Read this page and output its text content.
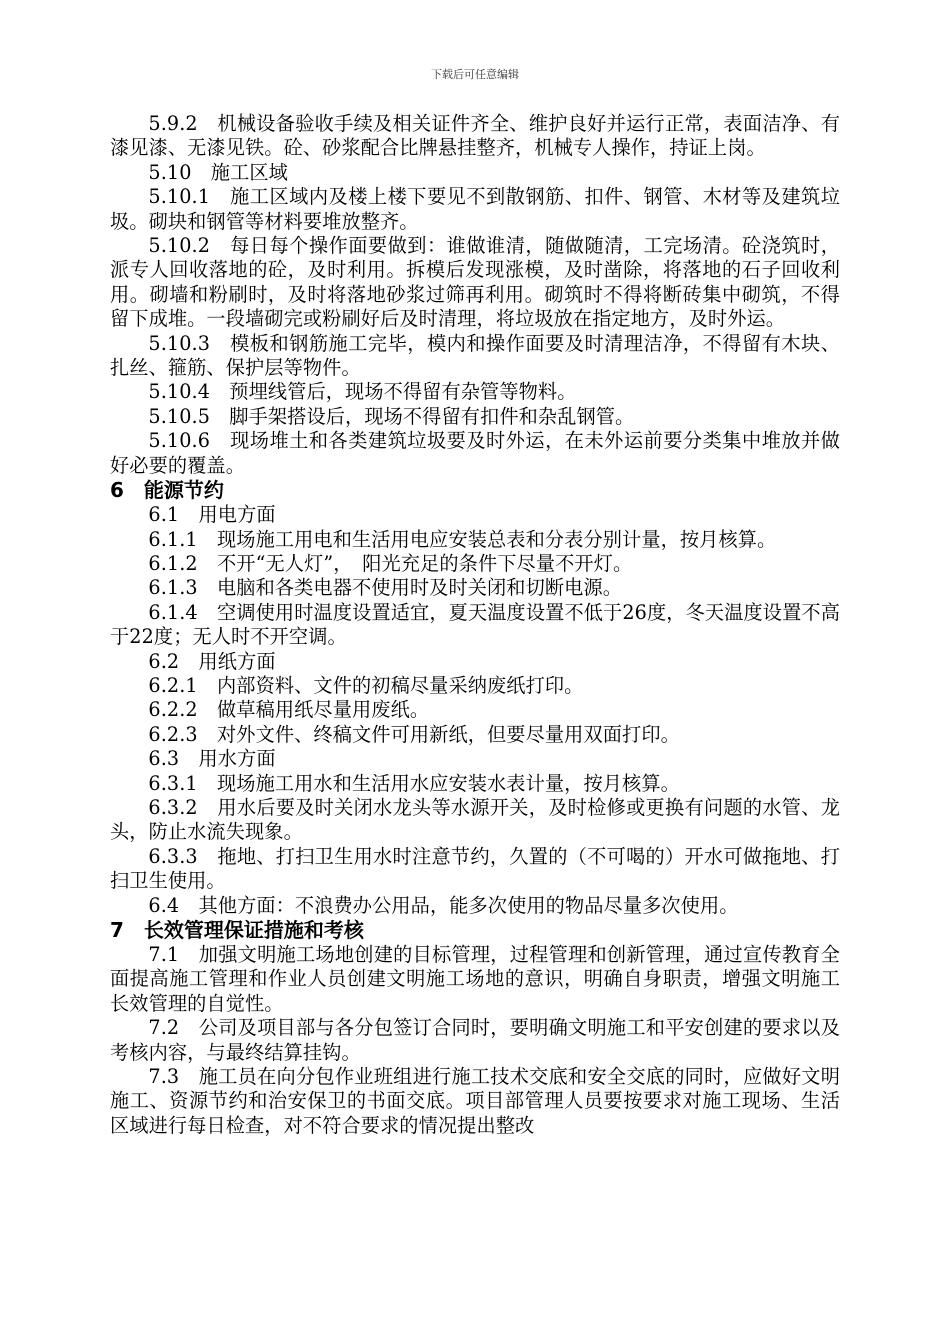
下载后可任意编辑

5.9.2　机械设备验收手续及相关证件齐全、维护良好并运行正常，表面洁净、有漆见漆、无漆见铁。砼、砂浆配合比牌悬挂整齐，机械专人操作，持证上岗。

5.10　施工区域

5.10.1　施工区域内及楼上楼下要见不到散钢筋、扣件、钢管、木材等及建筑垃圾。砌块和钢管等材料要堆放整齐。

5.10.2　每日每个操作面要做到：谁做谁清，随做随清，工完场清。砼浇筑时，派专人回收落地的砼，及时利用。拆模后发现涨模，及时凿除，将落地的石子回收利用。砌墙和粉刷时，及时将落地砂浆过筛再利用。砌筑时不得将断砖集中砌筑，不得留下成堆。一段墙砌完或粉刷好后及时清理，将垃圾放在指定地方，及时外运。

5.10.3　模板和钢筋施工完毕，模内和操作面要及时清理洁净，不得留有木块、扎丝、箍筋、保护层等物件。

5.10.4　预埋线管后，现场不得留有杂管等物料。

5.10.5　脚手架搭设后，现场不得留有扣件和杂乱钢管。

5.10.6　现场堆土和各类建筑垃圾要及时外运，在未外运前要分类集中堆放并做好必要的覆盖。

6　能源节约

6.1　用电方面

6.1.1　现场施工用电和生活用电应安装总表和分表分别计量，按月核算。

6.1.2　不开“无人灯”，　阳光充足的条件下尽量不开灯。

6.1.3　电脑和各类电器不使用时及时关闭和切断电源。

6.1.4　空调使用时温度设置适宜，夏天温度设置不低于26度，冬天温度设置不高于22度；无人时不开空调。

6.2　用纸方面

6.2.1　内部资料、文件的初稿尽量采纳废纸打印。

6.2.2　做草稿用纸尽量用废纸。

6.2.3　对外文件、终稿文件可用新纸，但要尽量用双面打印。

6.3　用水方面

6.3.1　现场施工用水和生活用水应安装水表计量，按月核算。

6.3.2　用水后要及时关闭水龙头等水源开关，及时检修或更换有问题的水管、龙头，防止水流失现象。

6.3.3　拖地、打扫卫生用水时注意节约，久置的（不可喝的）开水可做拖地、打扫卫生使用。

6.4　其他方面：不浪费办公用品，能多次使用的物品尽量多次使用。

7　长效管理保证措施和考核

7.1　加强文明施工场地创建的目标管理，过程管理和创新管理，通过宣传教育全面提高施工管理和作业人员创建文明施工场地的意识，明确自身职责，增强文明施工长效管理的自觉性。

7.2　公司及项目部与各分包签订合同时，要明确文明施工和平安创建的要求以及考核内容，与最终结算挂钩。

7.3　施工员在向分包作业班组进行施工技术交底和安全交底的同时，应做好文明施工、资源节约和治安保卫的书面交底。项目部管理人员要按要求对施工现场、生活区域进行每日检查，对不符合要求的情况提出整改
